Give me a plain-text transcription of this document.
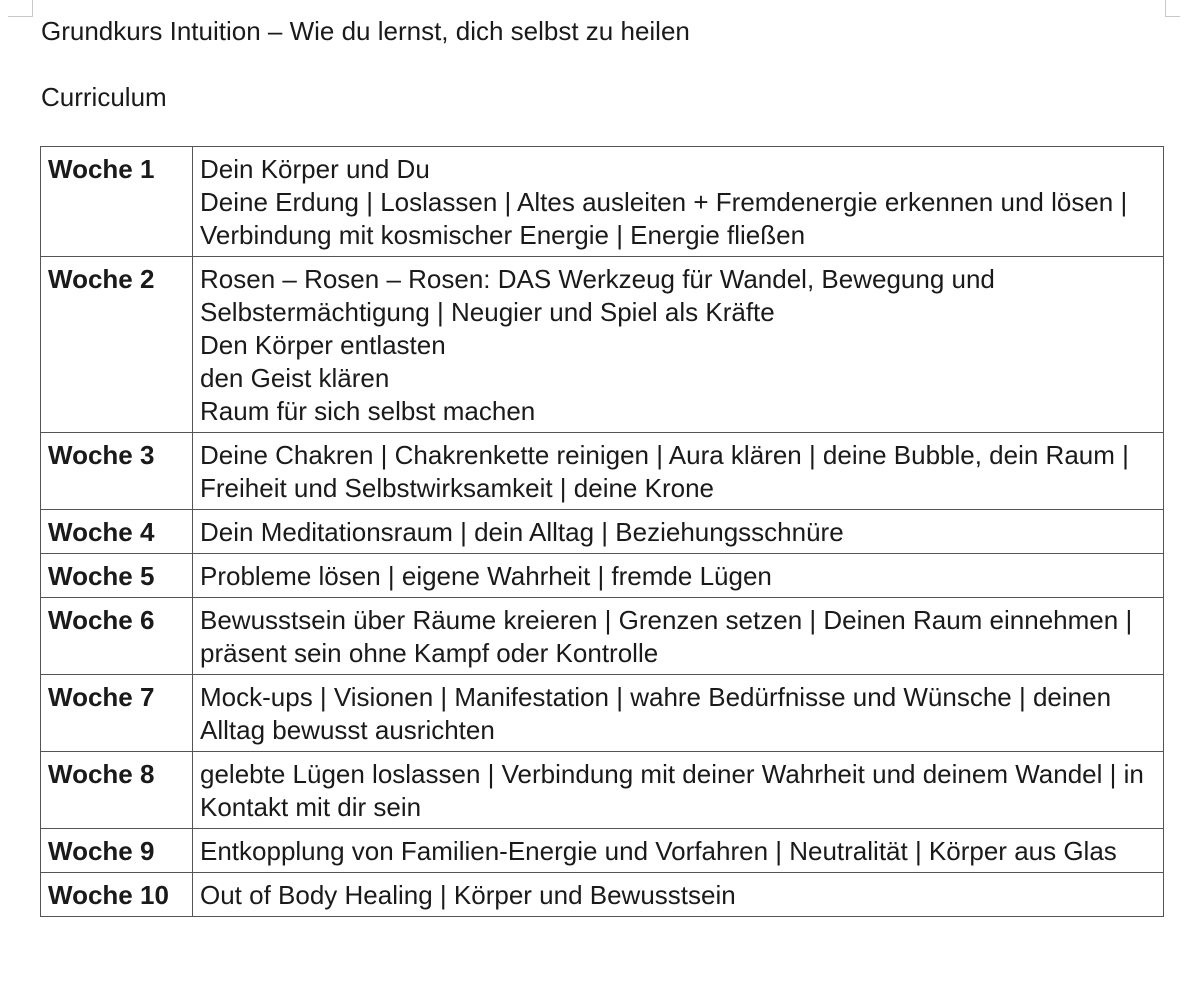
Grundkurs Intuition – Wie du lernst, dich selbst zu heilen
Curriculum
Woche 1	Dein Körper und Du
Deine Erdung | Loslassen | Altes ausleiten + Fremdenergie erkennen und lösen | Verbindung mit kosmischer Energie | Energie fließen

Woche 2	Rosen – Rosen – Rosen: DAS Werkzeug für Wandel, Bewegung und Selbstermächtigung | Neugier und Spiel als Kräfte
Den Körper entlasten
den Geist klären
Raum für sich selbst machen

Woche 3	Deine Chakren | Chakrenkette reinigen | Aura klären | deine Bubble, dein Raum | Freiheit und Selbstwirksamkeit | deine Krone

Woche 4	Dein Meditationsraum | dein Alltag | Beziehungsschnüre

Woche 5	Probleme lösen | eigene Wahrheit | fremde Lügen

Woche 6	Bewusstsein über Räume kreieren | Grenzen setzen | Deinen Raum einnehmen | präsent sein ohne Kampf oder Kontrolle

Woche 7	Mock-ups | Visionen | Manifestation | wahre Bedürfnisse und Wünsche | deinen Alltag bewusst ausrichten

Woche 8	gelebte Lügen loslassen | Verbindung mit deiner Wahrheit und deinem Wandel | in Kontakt mit dir sein

Woche 9	Entkopplung von Familien-Energie und Vorfahren | Neutralität | Körper aus Glas

Woche 10	Out of Body Healing | Körper und Bewusstsein
